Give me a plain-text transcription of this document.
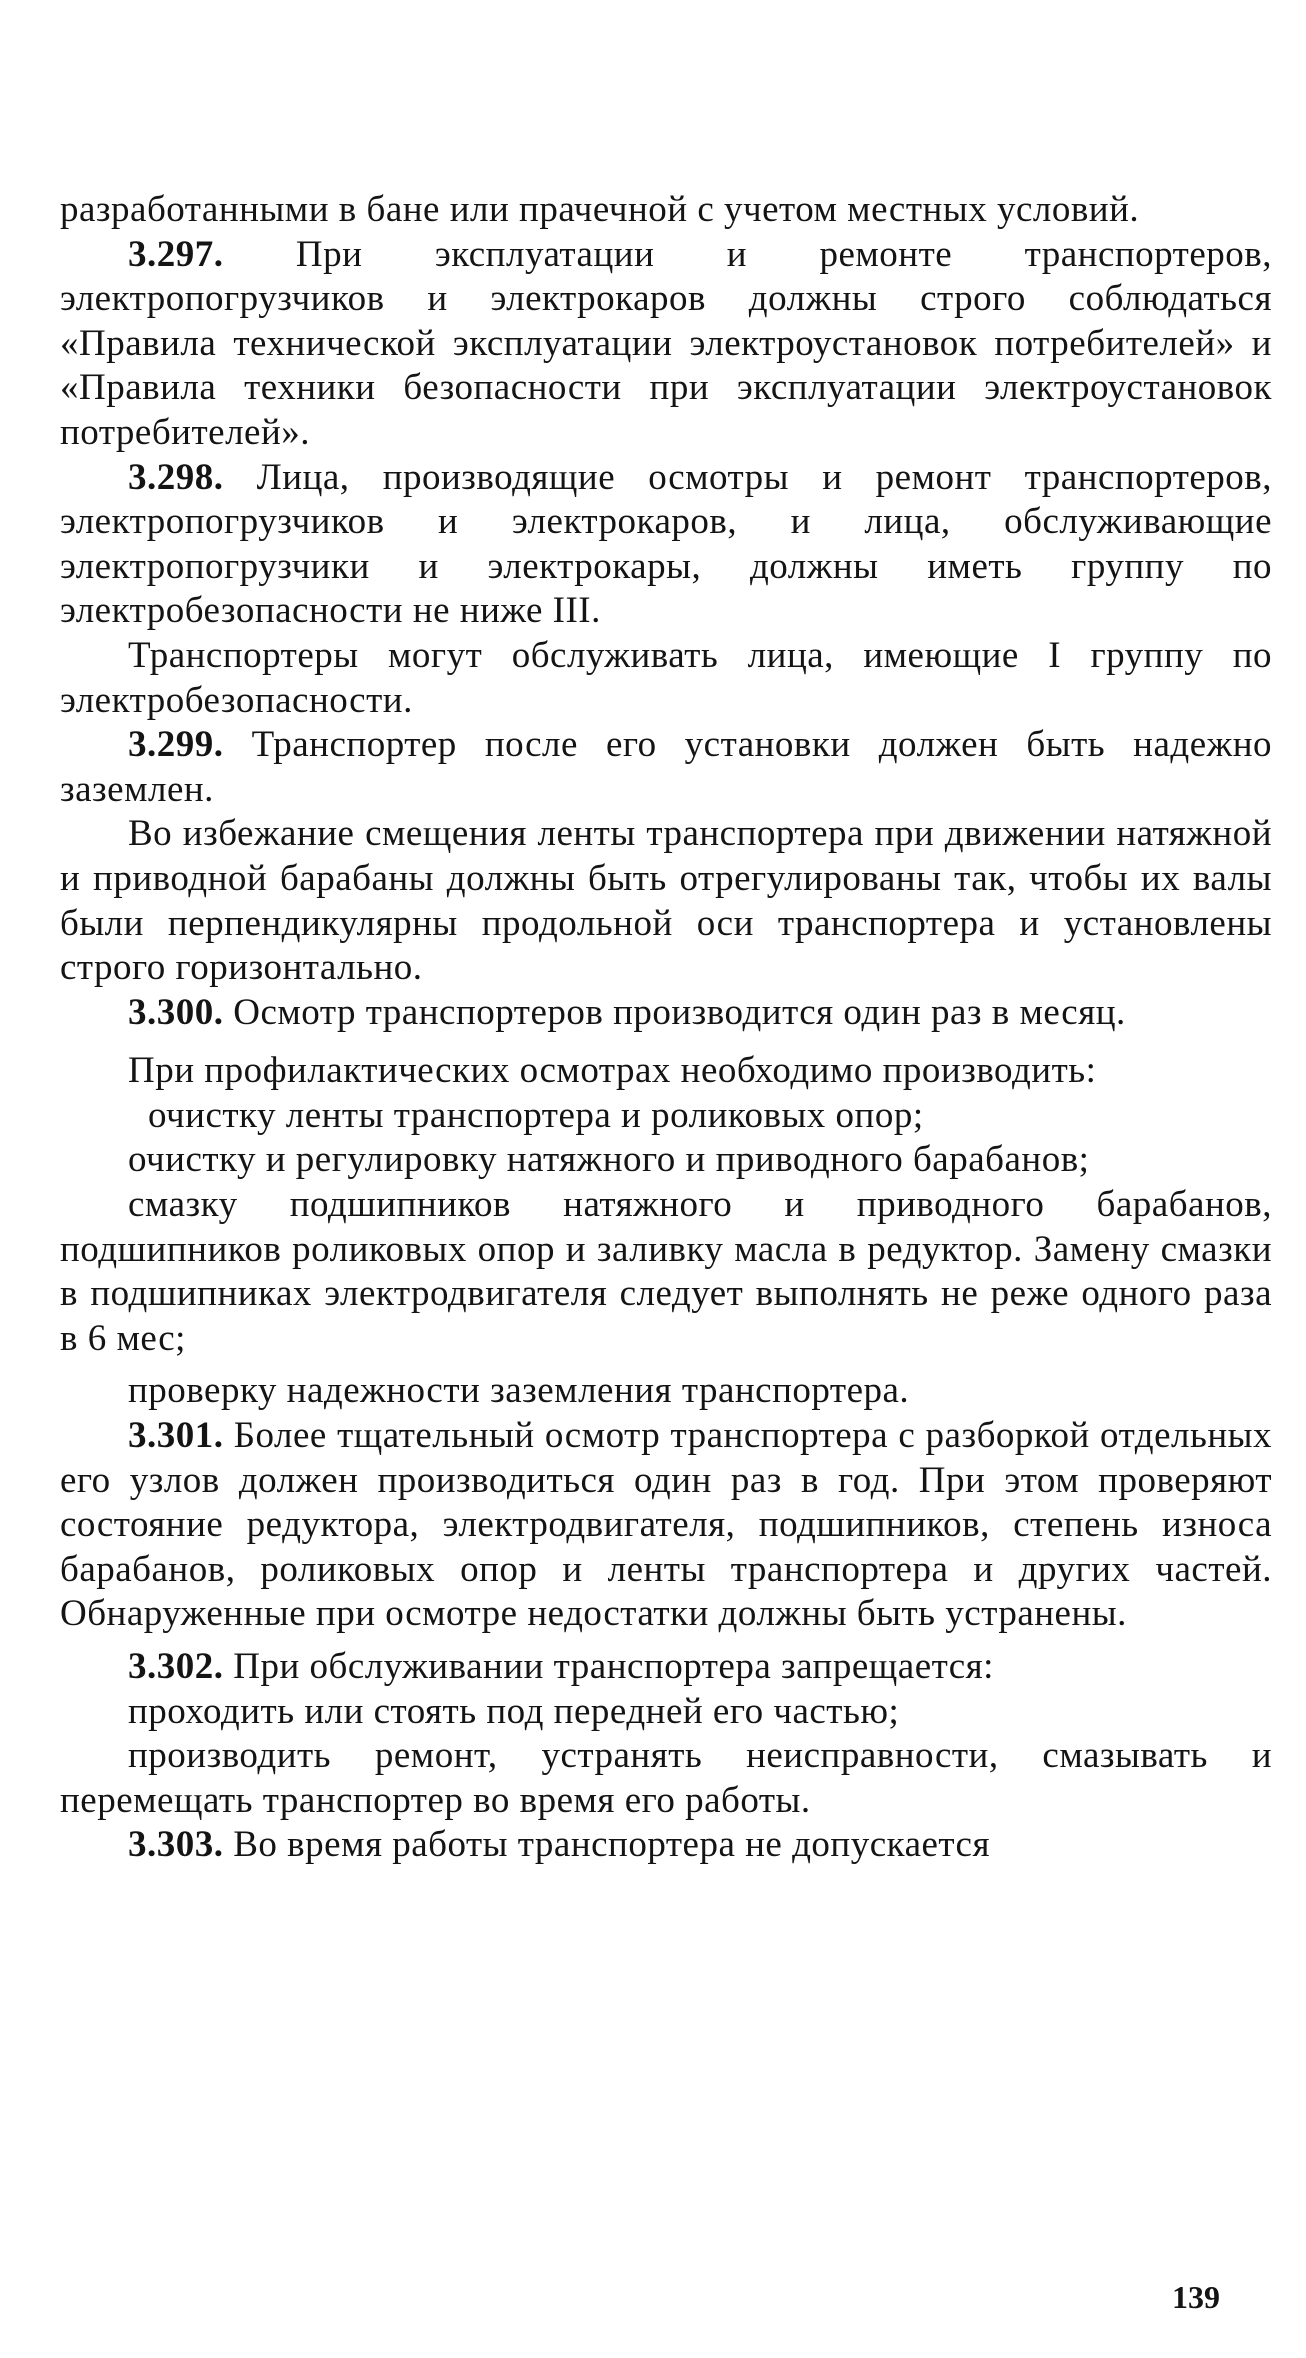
разработанными в бане или прачечной с учетом местных условий.

3.297. При эксплуатации и ремонте транспортеров, электропогрузчиков и электрокаров должны строго соблюдаться «Правила технической эксплуатации электроустановок потребителей» и «Правила техники безопасности при эксплуатации электроустановок потребителей».

3.298. Лица, производящие осмотры и ремонт транспортеров, электропогрузчиков и электрокаров, и лица, обслуживающие электропогрузчики и электрокары, должны иметь группу по электробезопасности не ниже III.

Транспортеры могут обслуживать лица, имеющие I группу по электробезопасности.

3.299. Транспортер после его установки должен быть надежно заземлен.

Во избежание смещения ленты транспортера при движении натяжной и приводной барабаны должны быть отрегулированы так, чтобы их валы были перпендикулярны продольной оси транспортера и установлены строго горизонтально.

3.300. Осмотр транспортеров производится один раз в месяц.

При профилактических осмотрах необходимо производить:

очистку ленты транспортера и роликовых опор;

очистку и регулировку натяжного и приводного барабанов;

смазку подшипников натяжного и приводного барабанов, подшипников роликовых опор и заливку масла в редуктор. Замену смазки в подшипниках электродвигателя следует выполнять не реже одного раза в 6 мес;

проверку надежности заземления транспортера.

3.301. Более тщательный осмотр транспортера с разборкой отдельных его узлов должен производиться один раз в год. При этом проверяют состояние редуктора, электродвигателя, подшипников, степень износа барабанов, роликовых опор и ленты транспортера и других частей. Обнаруженные при осмотре недостатки должны быть устранены.

3.302. При обслуживании транспортера запрещается:

проходить или стоять под передней его частью;

производить ремонт, устранять неисправности, смазывать и перемещать транспортер во время его работы.

3.303. Во время работы транспортера не допускается

139
